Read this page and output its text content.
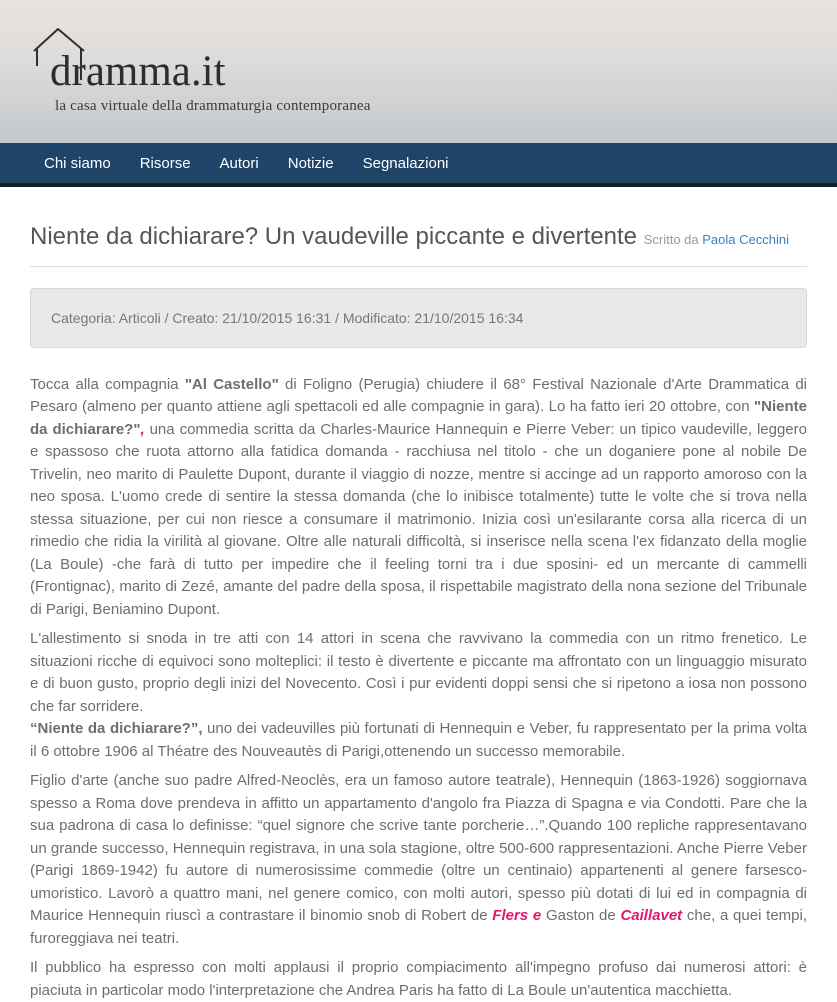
dramma.it
la casa virtuale della drammaturgia contemporanea
Chi siamo Risorse Autori Notizie Segnalazioni
Niente da dichiarare? Un vaudeville piccante e divertente Scritto da Paola Cecchini
Categoria: Articoli / Creato: 21/10/2015 16:31 / Modificato: 21/10/2015 16:34

Tocca alla compagnia "Al Castello" di Foligno (Perugia) chiudere il 68° Festival Nazionale d'Arte Drammatica di Pesaro (almeno per quanto attiene agli spettacoli ed alle compagnie in gara). Lo ha fatto ieri 20 ottobre, con "Niente da dichiarare?", una commedia scritta da Charles-Maurice Hannequin e Pierre Veber: un tipico vaudeville, leggero e spassoso che ruota attorno alla fatidica domanda - racchiusa nel titolo - che un doganiere pone al nobile De Trivelin, neo marito di Paulette Dupont, durante il viaggio di nozze, mentre si accinge ad un rapporto amoroso con la neo sposa. L'uomo crede di sentire la stessa domanda (che lo inibisce totalmente) tutte le volte che si trova nella stessa situazione, per cui non riesce a consumare il matrimonio. Inizia così un'esilarante corsa alla ricerca di un rimedio che ridia la virilità al giovane. Oltre alle naturali difficoltà, si inserisce nella scena l'ex fidanzato della moglie (La Boule) -che farà di tutto per impedire che il feeling torni tra i due sposini- ed un mercante di cammelli (Frontignac), marito di Zezé, amante del padre della sposa, il rispettabile magistrato della nona sezione del Tribunale di Parigi, Beniamino Dupont.

L'allestimento si snoda in tre atti con 14 attori in scena che ravvivano la commedia con un ritmo frenetico. Le situazioni ricche di equivoci sono molteplici: il testo è divertente e piccante ma affrontato con un linguaggio misurato e di buon gusto, proprio degli inizi del Novecento. Così i pur evidenti doppi sensi che si ripetono a iosa non possono che far sorridere.
“Niente da dichiarare?”, uno dei vadeuvilles più fortunati di Hennequin e Veber, fu rappresentato per la prima volta il 6 ottobre 1906 al Théatre des Nouveautès di Parigi,ottenendo un successo memorabile.

Figlio d'arte (anche suo padre Alfred-Neoclès, era un famoso autore teatrale), Hennequin (1863-1926) soggiornava spesso a Roma dove prendeva in affitto un appartamento d'angolo fra Piazza di Spagna e via Condotti. Pare che la sua padrona di casa lo definisse: “quel signore che scrive tante porcherie…”.Quando 100 repliche rappresentavano un grande successo, Hennequin registrava, in una sola stagione, oltre 500-600 rappresentazioni. Anche Pierre Veber (Parigi 1869-1942) fu autore di numerosissime commedie (oltre un centinaio) appartenenti al genere farsesco-umoristico. Lavorò a quattro mani, nel genere comico, con molti autori, spesso più dotati di lui ed in compagnia di Maurice Hennequin riuscì a contrastare il binomio snob di Robert de Flers e Gaston de Caillavet che, a quei tempi, furoreggiava nei teatri.

Il pubblico ha espresso con molti applausi il proprio compiacimento all'impegno profuso dai numerosi attori: è piaciuta in particolar modo l'interpretazione che Andrea Paris ha fatto di La Boule un'autentica macchietta.
